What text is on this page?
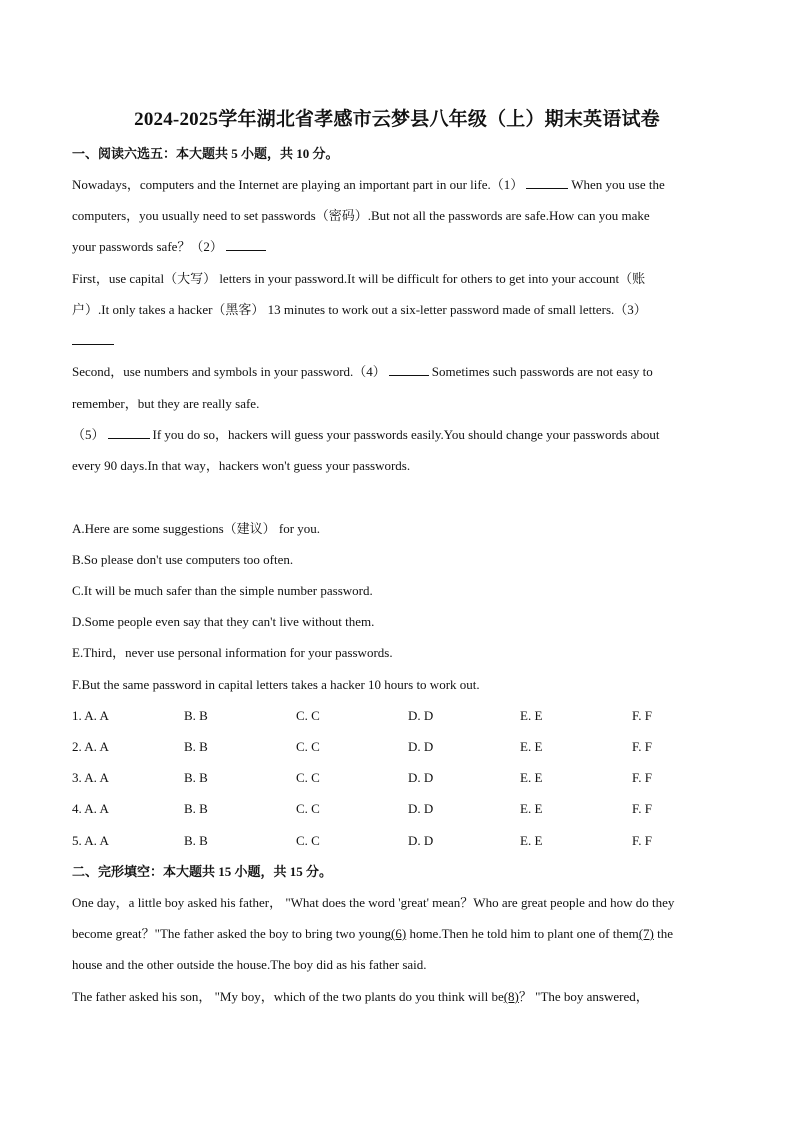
2024-2025学年湖北省孝感市云梦县八年级（上）期末英语试卷
一、阅读六选五：本大题共 5 小题，共 10 分。
Nowadays，computers and the Internet are playing an important part in our life.（1）	When you use the
computers，you usually need to set passwords（密码）.But not all the passwords are safe.How can you make
your passwords safe？（2）
First，use capital（大写） letters in your password.It will be difficult for others to get into your account（账
户）.It only takes a hacker（黑客） 13 minutes to work out a six-letter password made of small letters.（3）
Second，use numbers and symbols in your password.（4）	Sometimes such passwords are not easy to
remember，but they are really safe.
（5）	If you do so，hackers will guess your passwords easily.You should change your passwords about
every 90 days.In that way，hackers won't guess your passwords.
A.Here are some suggestions（建议） for you.
B.So please don't use computers too often.
C.It will be much safer than the simple number password.
D.Some people even say that they can't live without them.
E.Third，never use personal information for your passwords.
F.But the same password in capital letters takes a hacker 10 hours to work out.
1. A. A	B. B	C. C	D. D	E. E	F. F
2. A. A	B. B	C. C	D. D	E. E	F. F
3. A. A	B. B	C. C	D. D	E. E	F. F
4. A. A	B. B	C. C	D. D	E. E	F. F
5. A. A	B. B	C. C	D. D	E. E	F. F
二、完形填空：本大题共 15 小题，共 15 分。
One day，a little boy asked his father， "What does the word 'great' mean？Who are great people and how do they
become great？"The father asked the boy to bring two young(6) home.Then he told him to plant one of them(7) the
house and the other outside the house.The boy did as his father said.
The father asked his son， "My boy，which of the two plants do you think will be(8)？ "The boy answered，
